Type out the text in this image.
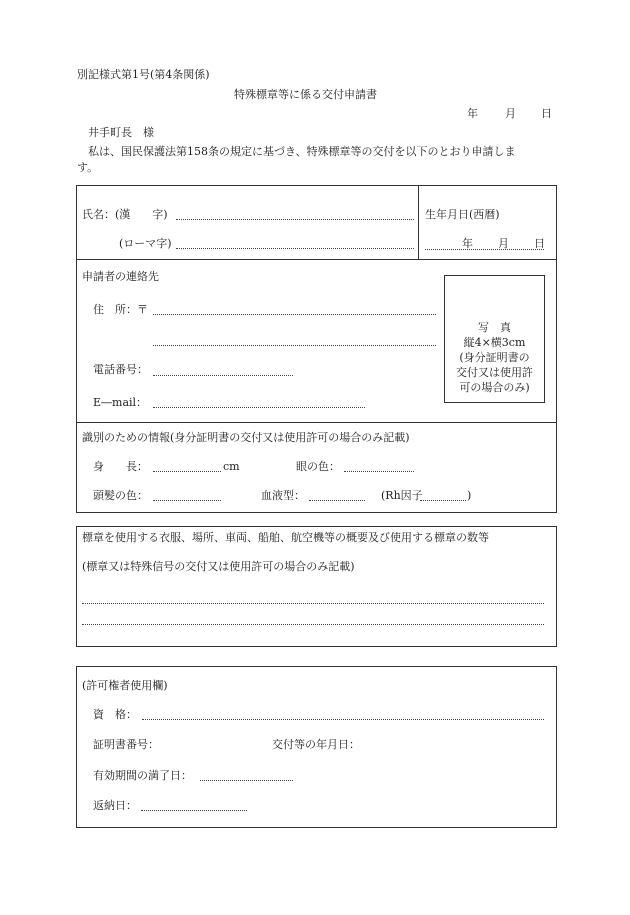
別記様式第1号(第4条関係)
特殊標章等に係る交付申請書
年 月 日
井手町長　様
私は、国民保護法第158条の規定に基づき、特殊標章等の交付を以下のとおり申請しま
す。
氏名：(漢　　字)
(ローマ字)
生年月日(西暦)
年 月 日
申請者の連絡先
住　所：〒
電話番号：
E―mail：
写　真
縦4×横3cm
(身分証明書の
交付又は使用許
可の場合のみ)
識別のための情報(身分証明書の交付又は使用許可の場合のみ記載)
身　　長：	cm	眼の色：
頭髪の色：	血液型：	(Rh因子	)
標章を使用する衣服、場所、車両、船舶、航空機等の概要及び使用する標章の数等
(標章又は特殊信号の交付又は使用許可の場合のみ記載)
(許可権者使用欄)
資　格：
証明書番号：	交付等の年月日：
有効期間の満了日：
返納日：
